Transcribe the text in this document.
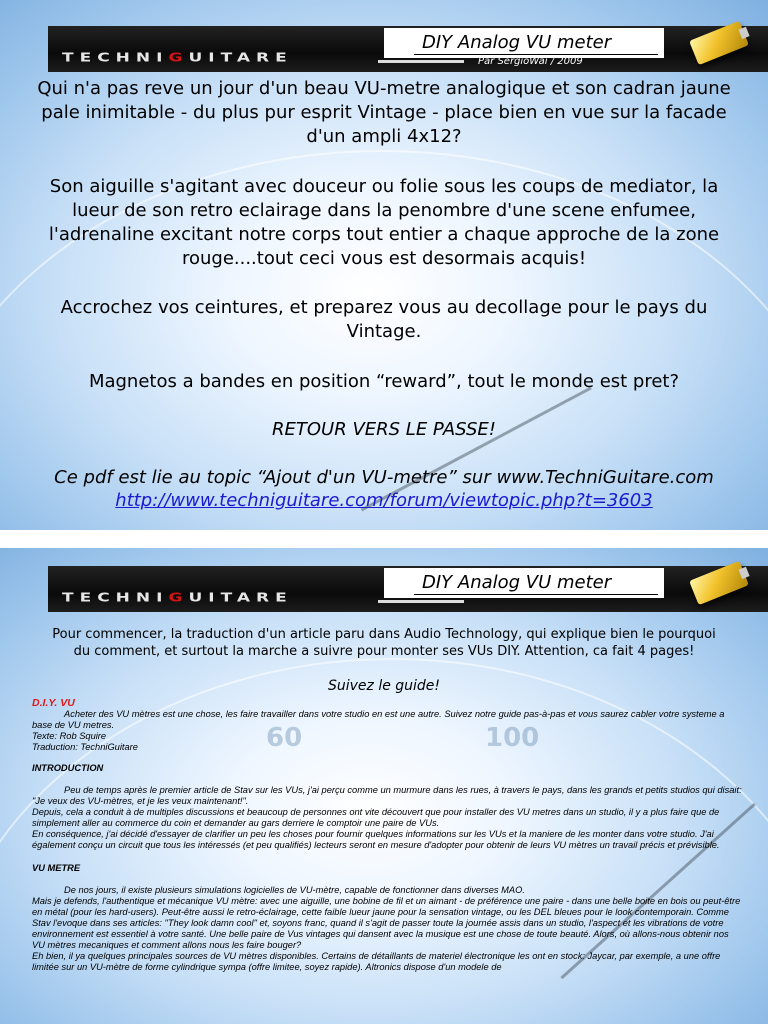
TECHNIGUITARE
DIY Analog VU meter
Par SergioWai / 2009
Qui n'a pas reve un jour d'un beau VU-metre analogique et son cadran jaune pale inimitable - du plus pur esprit Vintage - place bien en vue sur la facade d'un ampli 4x12?
Son aiguille s'agitant avec douceur ou folie sous les coups de mediator, la lueur de son retro eclairage dans la penombre d'une scene enfumee, l'adrenaline excitant notre corps tout entier a chaque approche de la zone rouge....tout ceci vous est desormais acquis!
Accrochez vos ceintures, et preparez vous au decollage pour le pays du Vintage.
Magnetos a bandes en position “reward”, tout le monde est pret?
RETOUR VERS LE PASSE!
Ce pdf est lie au topic “Ajout d'un VU-metre” sur www.TechniGuitare.com
http://www.techniguitare.com/forum/viewtopic.php?t=3603
60	100
TECHNIGUITARE
DIY Analog VU meter
Pour commencer, la traduction d'un article paru dans Audio Technology, qui explique bien le pourquoi du comment, et surtout la marche a suivre pour monter ses VUs DIY. Attention, ca fait 4 pages!
Suivez le guide!
D.I.Y. VU
Acheter des VU mètres est une chose, les faire travailler dans votre studio en est une autre. Suivez notre guide pas-à-pas et vous saurez cabler votre systeme a base de VU metres.
Texte: Rob Squire
Traduction: TechniGuitare
INTRODUCTION
Peu de temps après le premier article de Stav sur les VUs, j'ai perçu comme un murmure dans les rues, à travers le pays, dans les grands et petits studios qui disait: "Je veux des VU-mètres, et je les veux maintenant!".
Depuis, cela a conduit à de multiples discussions et beaucoup de personnes ont vite découvert que pour installer des VU metres dans un studio, il y a plus faire que de simplement aller au commerce du coin et demander au gars derriere le comptoir une paire de VUs.
En conséquence, j'ai décidé d'essayer de clarifier un peu les choses pour fournir quelques informations sur les VUs et la maniere de les monter dans votre studio. J'ai également conçu un circuit que tous les intéressés (et peu qualifiés) lecteurs seront en mesure d'adopter pour obtenir de leurs VU mètres un travail précis et prévisible.
VU METRE
De nos jours, il existe plusieurs simulations logicielles de VU-mètre, capable de fonctionner dans diverses MAO.
Mais je defends, l'authentique et mécanique VU mètre: avec une aiguille, une bobine de fil et un aimant - de préférence une paire - dans une belle boite en bois ou peut-être en métal (pour les hard-users). Peut-être aussi le retro-éclairage, cette faible lueur jaune pour la sensation vintage, ou les DEL bleues pour le look contemporain. Comme Stav l'evoque dans ses articles: "They look damn cool" et, soyons franc, quand il s'agit de passer toute la journée assis dans un studio, l'aspect et les vibrations de votre environnement est essentiel à votre santé. Une belle paire de Vus vintages qui dansent avec la musique est une chose de toute beauté. Alors, où allons-nous obtenir nos VU mètres mecaniques et comment allons nous les faire bouger?
Eh bien, il ya quelques principales sources de VU mètres disponibles. Certains de détaillants de materiel électronique les ont en stock: Jaycar, par exemple, a une offre limitée sur un VU-mètre de forme cylindrique sympa (offre limitee, soyez rapide). Altronics dispose d'un modele de
